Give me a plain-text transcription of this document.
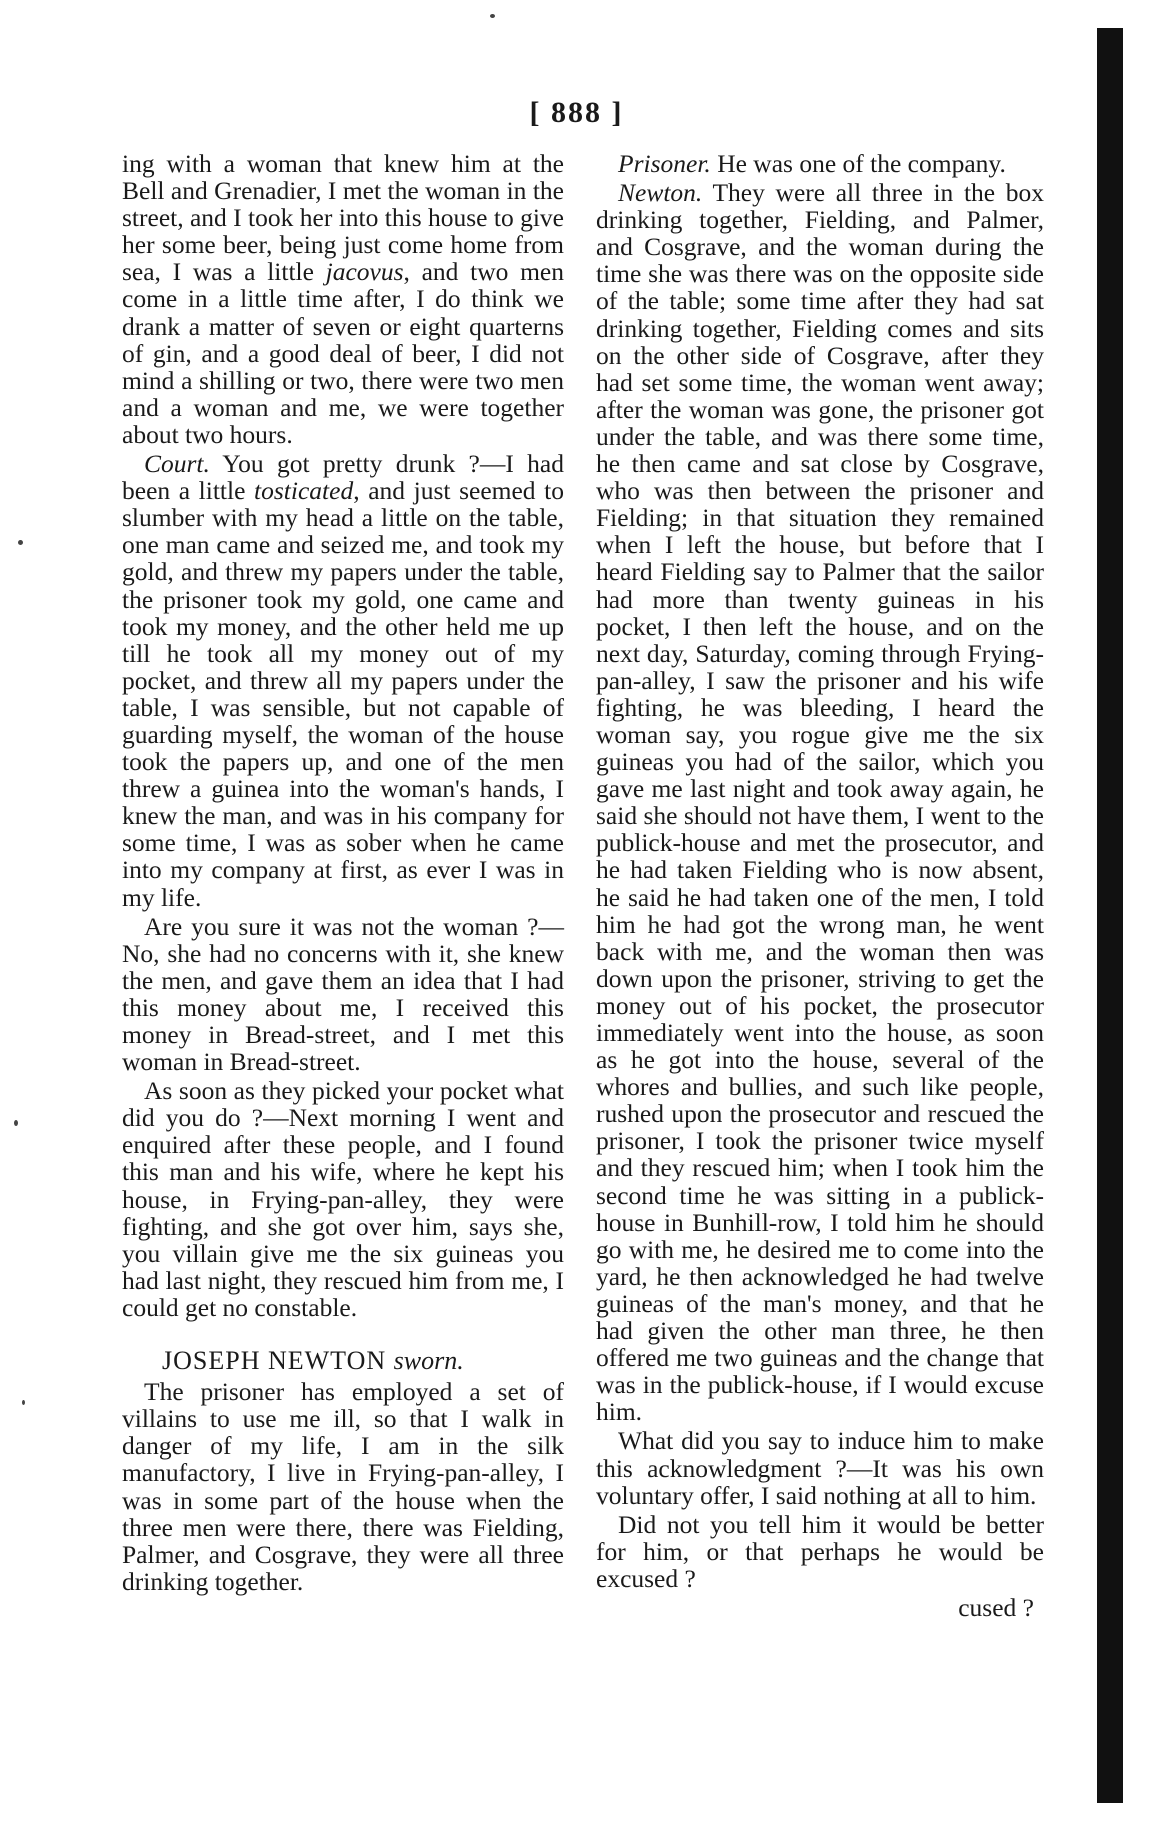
[ 888 ]

ing with a woman that knew him at the Bell and Grenadier, I met the woman in the street, and I took her into this house to give her some beer, being just come home from sea, I was a little jacovus, and two men come in a little time after, I do think we drank a matter of seven or eight quarterns of gin, and a good deal of beer, I did not mind a shilling or two, there were two men and a woman and me, we were together about two hours.

Court. You got pretty drunk ?—I had been a little tosticated, and just seemed to slumber with my head a little on the table, one man came and seized me, and took my gold, and threw my papers under the table, the prisoner took my gold, one came and took my money, and the other held me up till he took all my money out of my pocket, and threw all my papers under the table, I was sensible, but not capable of guarding myself, the woman of the house took the papers up, and one of the men threw a guinea into the woman's hands, I knew the man, and was in his company for some time, I was as sober when he came into my company at first, as ever I was in my life.

Are you sure it was not the woman ?—No, she had no concerns with it, she knew the men, and gave them an idea that I had this money about me, I received this money in Bread-street, and I met this woman in Bread-street.

As soon as they picked your pocket what did you do ?—Next morning I went and enquired after these people, and I found this man and his wife, where he kept his house, in Frying-pan-alley, they were fighting, and she got over him, says she, you villain give me the six guineas you had last night, they rescued him from me, I could get no constable.

JOSEPH NEWTON sworn.

The prisoner has employed a set of villains to use me ill, so that I walk in danger of my life, I am in the silk manufactory, I live in Frying-pan-alley, I was in some part of the house when the three men were there, there was Fielding, Palmer, and Cosgrave, they were all three drinking together.

Prisoner. He was one of the company.

Newton. They were all three in the box drinking together, Fielding, and Palmer, and Cosgrave, and the woman during the time she was there was on the opposite side of the table; some time after they had sat drinking together, Fielding comes and sits on the other side of Cosgrave, after they had set some time, the woman went away; after the woman was gone, the prisoner got under the table, and was there some time, he then came and sat close by Cosgrave, who was then between the prisoner and Fielding; in that situation they remained when I left the house, but before that I heard Fielding say to Palmer that the sailor had more than twenty guineas in his pocket, I then left the house, and on the next day, Saturday, coming through Frying-pan-alley, I saw the prisoner and his wife fighting, he was bleeding, I heard the woman say, you rogue give me the six guineas you had of the sailor, which you gave me last night and took away again, he said she should not have them, I went to the publick-house and met the prosecutor, and he had taken Fielding who is now absent, he said he had taken one of the men, I told him he had got the wrong man, he went back with me, and the woman then was down upon the prisoner, striving to get the money out of his pocket, the prosecutor immediately went into the house, as soon as he got into the house, several of the whores and bullies, and such like people, rushed upon the prosecutor and rescued the prisoner, I took the prisoner twice myself and they rescued him; when I took him the second time he was sitting in a publick-house in Bunhill-row, I told him he should go with me, he desired me to come into the yard, he then acknowledged he had twelve guineas of the man's money, and that he had given the other man three, he then offered me two guineas and the change that was in the publick-house, if I would excuse him.

What did you say to induce him to make this acknowledgment ?—It was his own voluntary offer, I said nothing at all to him.

Did not you tell him it would be better for him, or that perhaps he would be excused ?

cused ?
